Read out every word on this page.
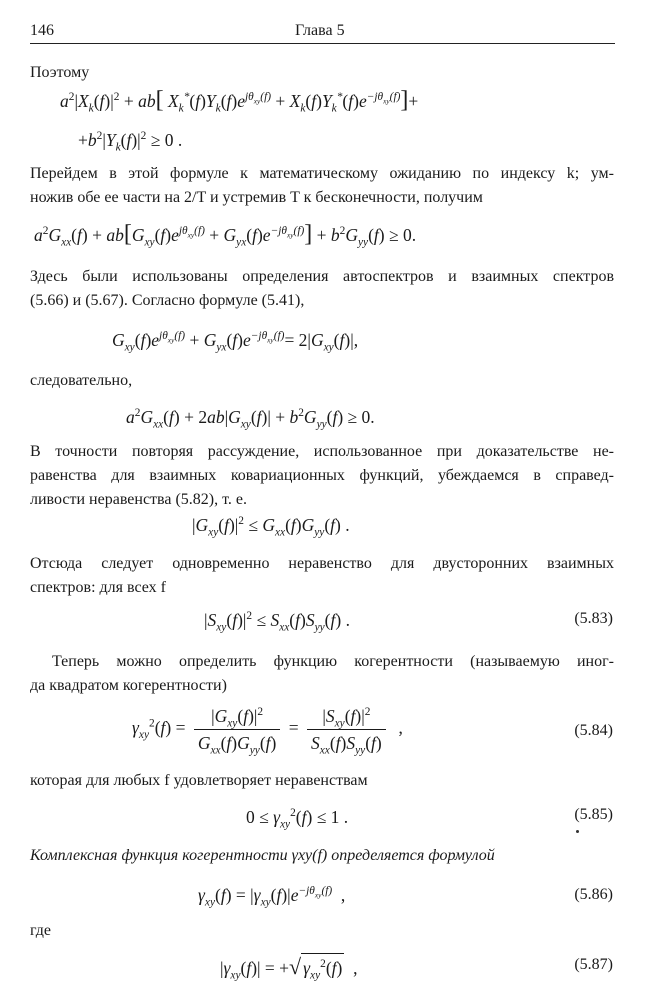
146	Глава 5
Поэтому
$a^2|X_k(f)|^2 + ab$[ $X_k^*(f)Y_k(f)e^{j\theta_{xy}(f)} + X_k(f)Y_k^*(f)e^{-j\theta_{xy}(f)}]+$
$+b^2|Y_k(f)|^2 \ge 0$ .
Перейдем в этой формуле к математическому ожиданию по индексу k; ум-
ножив обе ее части на 2/T и устремив T к бесконечности, получим
$a^2G_{xx}(f) + ab[G_{xy}(f)e^{j\theta_{xy}(f)} + G_{yx}(f)e^{-j\theta_{xy}(f)}] + b^2G_{yy}(f) \ge 0$.
Здесь были использованы определения автоспектров и взаимных спектров
(5.66) и (5.67). Согласно формуле (5.41),
$G_{xy}(f)e^{j\theta_{xy}(f)} + G_{yx}(f)e^{-j\theta_{xy}(f)}= 2|G_{xy}(f)|$,
следовательно,
$a^2G_{xx}(f) + 2ab|G_{xy}(f)| + b^2G_{yy}(f) \ge 0$.
В точности повторяя рассуждение, использованное при доказательстве не-
равенства для взаимных ковариационных функций, убеждаемся в справед-
ливости неравенства (5.82), т. е.
$|G_{xy}(f)|^2 \le G_{xx}(f)G_{yy}(f)$ .
Отсюда следует одновременно неравенство для двусторонних взаимных
спектров: для всех f
$|S_{xy}(f)|^2 \le S_{xx}(f)S_{yy}(f)$ .	(5.83)
Теперь можно определить функцию когерентности (называемую иног-
да квадратом когерентности)
$\gamma_{xy}^2(f) = \frac{|G_{xy}(f)|^2}{G_{xx}(f)G_{yy}(f)} = \frac{|S_{xy}(f)|^2}{S_{xx}(f)S_{yy}(f)}$ ,	(5.84)
которая для любых f удовлетворяет неравенствам
$0 \le \gamma_{xy}^2(f) \le 1$ .	(5.85)
Комплексная функция когерентности γxy(f) определяется формулой
$\gamma_{xy}(f) = |\gamma_{xy}(f)|e^{-j\theta_{xy}(f)}$  ,	(5.86)
где
$|\gamma_{xy}(f)|$ = +√ $\gamma_{xy}^2(f)$  ,	(5.87)
